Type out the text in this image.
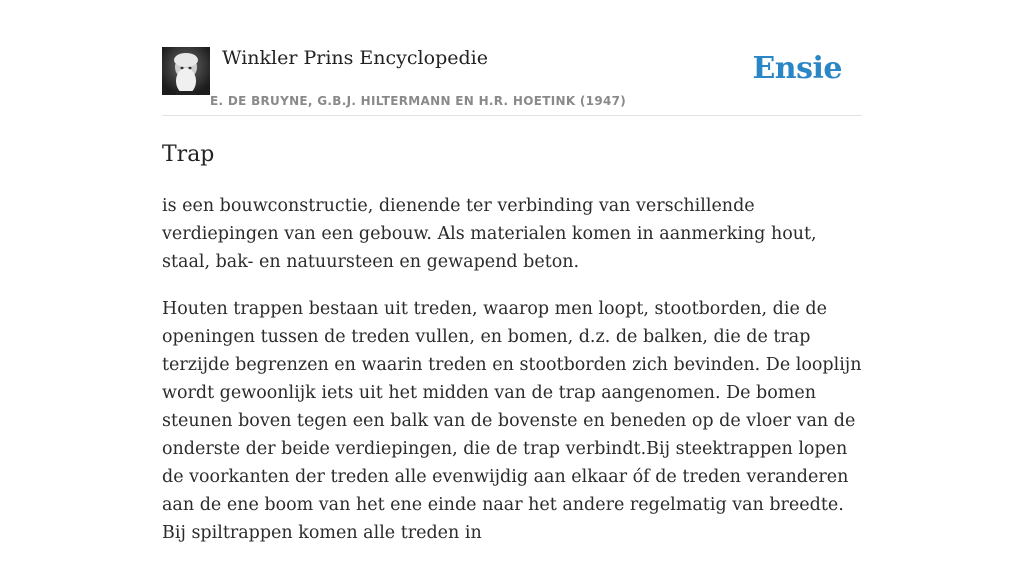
Winkler Prins Encyclopedie
E. DE BRUYNE, G.B.J. HILTERMANN EN H.R. HOETINK (1947)
Ensie
Trap

is een bouwconstructie, dienende ter verbinding van verschillende verdiepingen van een gebouw. Als materialen komen in aanmerking hout, staal, bak- en natuursteen en gewapend beton.

Houten trappen bestaan uit treden, waarop men loopt, stootborden, die de openingen tussen de treden vullen, en bomen, d.z. de balken, die de trap terzijde begrenzen en waarin treden en stootborden zich bevinden. De looplijn wordt gewoonlijk iets uit het midden van de trap aangenomen. De bomen steunen boven tegen een balk van de bovenste en beneden op de vloer van de onderste der beide verdiepingen, die de trap verbindt.Bij steektrappen lopen de voorkanten der treden alle evenwijdig aan elkaar óf de treden veranderen aan de ene boom van het ene einde naar het andere regelmatig van breedte. Bij spiltrappen komen alle treden in
